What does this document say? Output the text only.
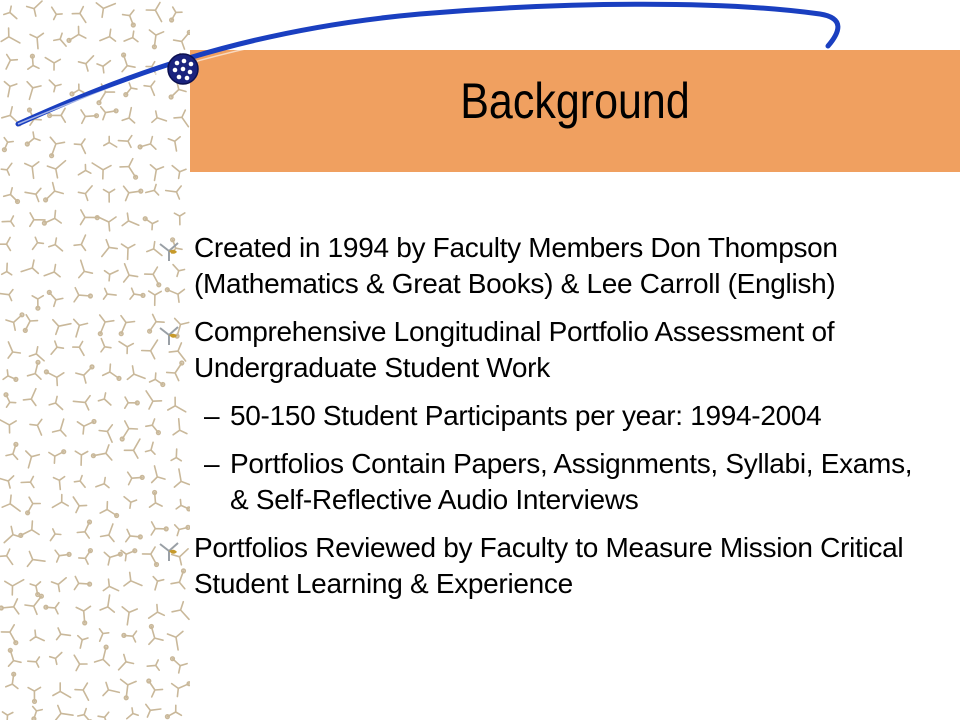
Background
Created in 1994 by Faculty Members Don Thompson (Mathematics & Great Books) & Lee Carroll (English)
Comprehensive Longitudinal Portfolio Assessment of Undergraduate Student Work
– 50-150 Student Participants per year: 1994-2004
– Portfolios Contain Papers, Assignments, Syllabi, Exams, & Self-Reflective Audio Interviews
Portfolios Reviewed by Faculty to Measure Mission Critical Student Learning & Experience
